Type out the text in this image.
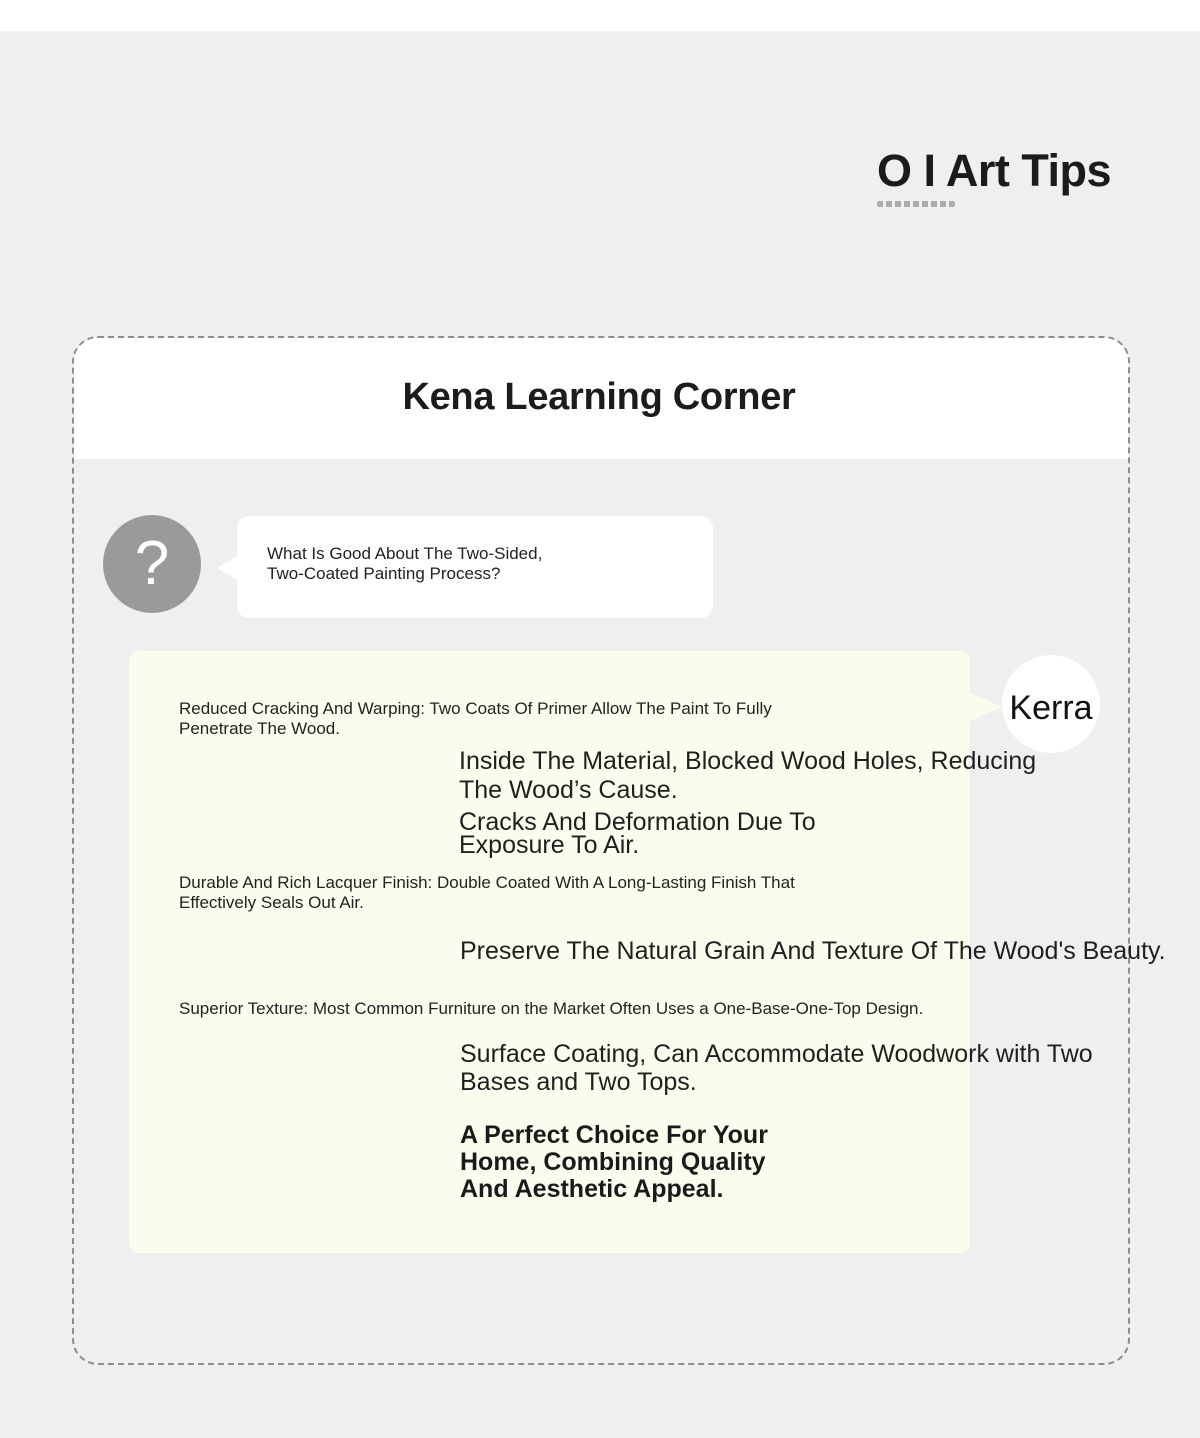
O I Art Tips
Kena Learning Corner
?	What Is Good About The Two-Sided,
Two-Coated Painting Process?
Kerra
Reduced Cracking And Warping: Two Coats Of Primer Allow The Paint To Fully
Penetrate The Wood.
Inside The Material, Blocked Wood Holes, Reducing
The Wood’s Cause.
Cracks And Deformation Due To
Exposure To Air.
Durable And Rich Lacquer Finish: Double Coated With A Long-Lasting Finish That
Effectively Seals Out Air.
Preserve The Natural Grain And Texture Of The Wood's Beauty.
Superior Texture: Most Common Furniture on the Market Often Uses a One-Base-One-Top Design.
Surface Coating, Can Accommodate Woodwork with Two
Bases and Two Tops.
A Perfect Choice For Your
Home, Combining Quality
And Aesthetic Appeal.
